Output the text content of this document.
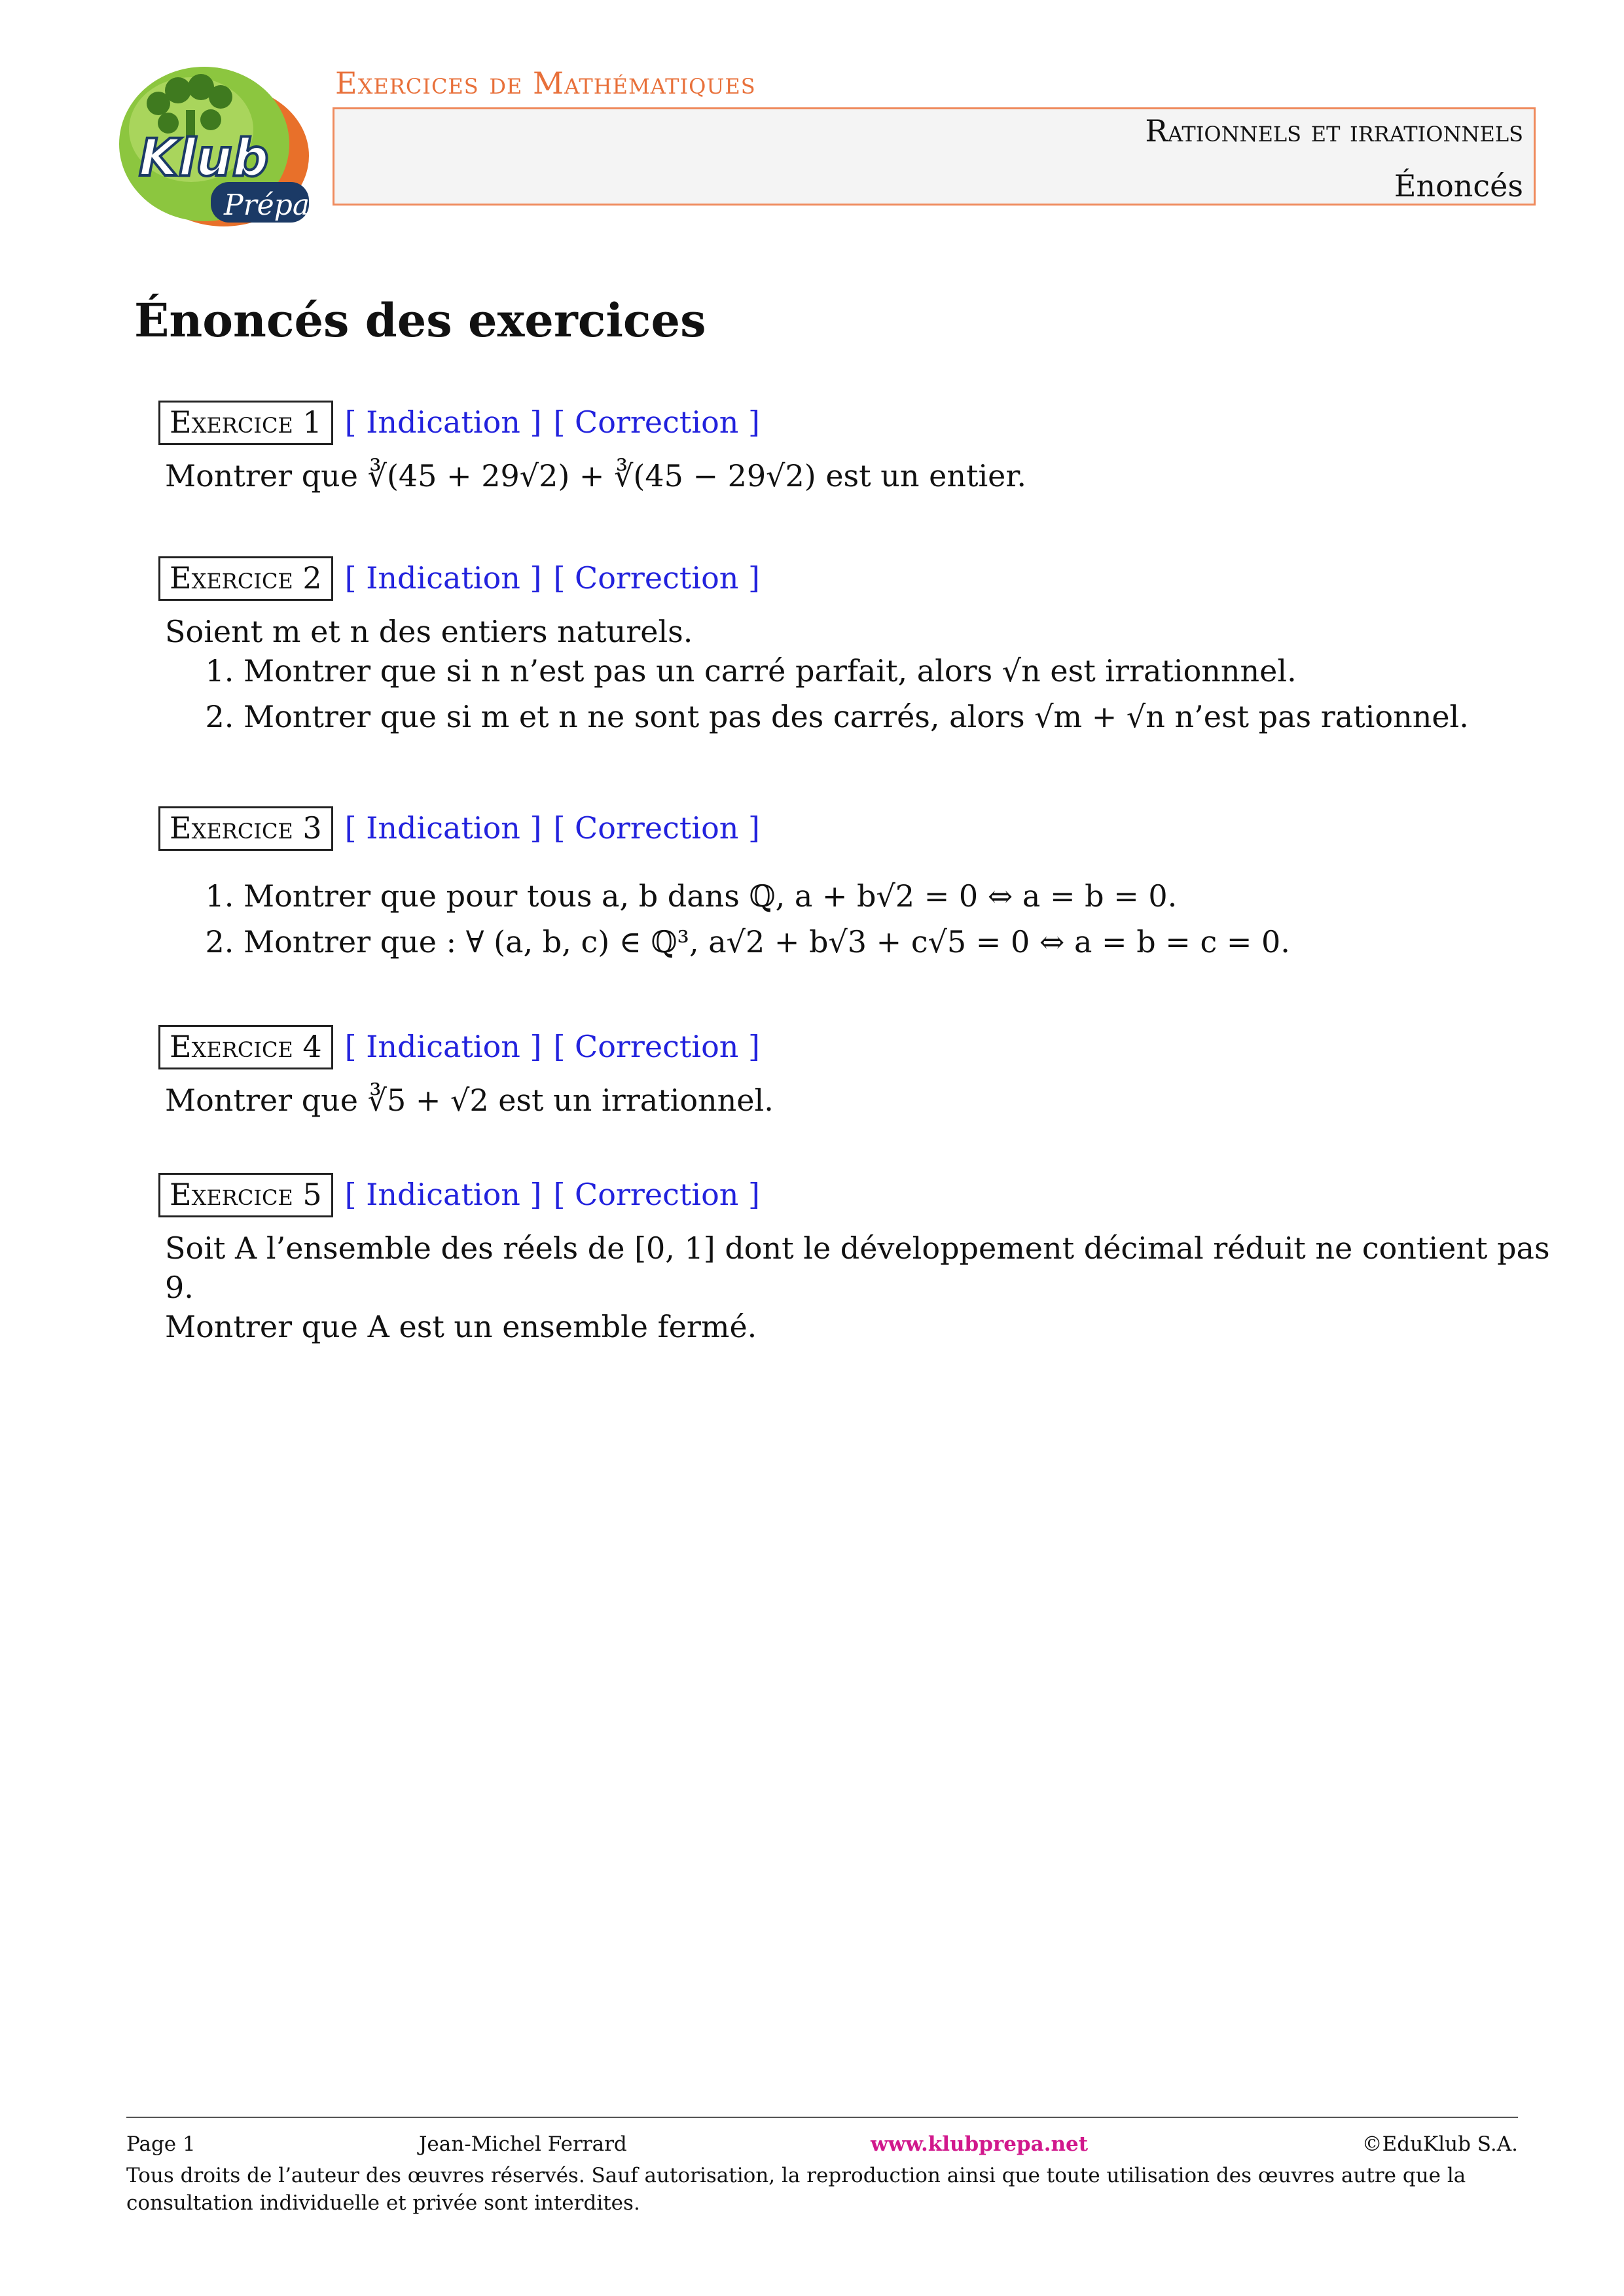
Klub
Prépa
Exercices de Mathématiques
Rationnels et irrationnels
Énoncés
Énoncés des exercices
Exercice 1 [ Indication ] [ Correction ]

Montrer que ∛(45 + 29√2) + ∛(45 − 29√2) est un entier.

Exercice 2 [ Indication ] [ Correction ]

Soient m et n des entiers naturels.

1. Montrer que si n n’est pas un carré parfait, alors √n est irrationnnel.
2. Montrer que si m et n ne sont pas des carrés, alors √m + √n n’est pas rationnel.
Exercice 3 [ Indication ] [ Correction ]
1. Montrer que pour tous a, b dans ℚ, a + b√2 = 0 ⇔ a = b = 0.
2. Montrer que : ∀ (a, b, c) ∈ ℚ³, a√2 + b√3 + c√5 = 0 ⇔ a = b = c = 0.
Exercice 4 [ Indication ] [ Correction ]

Montrer que ∛5 + √2 est un irrationnel.

Exercice 5 [ Indication ] [ Correction ]

Soit A l’ensemble des réels de [0, 1] dont le développement décimal réduit ne contient pas 9.

Montrer que A est un ensemble fermé.

Page 1	Jean-Michel Ferrard	www.klubprepa.net	©EduKlub S.A.
Tous droits de l’auteur des œuvres réservés. Sauf autorisation, la reproduction ainsi que toute utilisation des œuvres autre que la consultation individuelle et privée sont interdites.
